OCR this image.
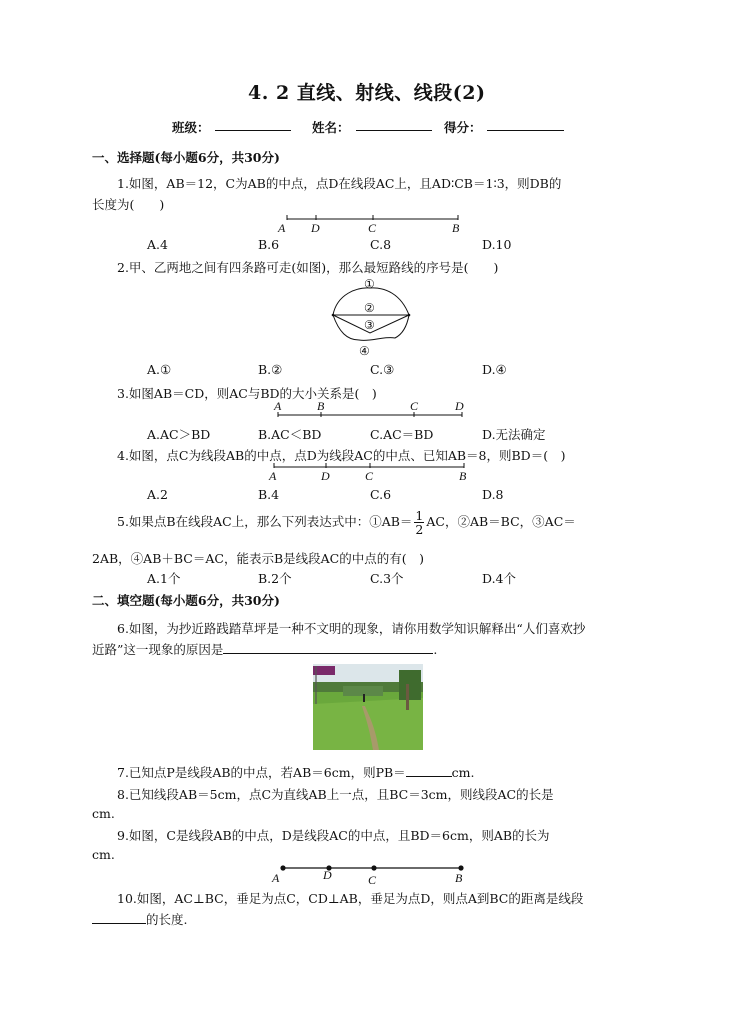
4. 2 直线、射线、线段(2)
班级：	姓名：	得分：
一、选择题(每小题6分，共30分)
1.如图，AB＝12，C为AB的中点，点D在线段AC上，且AD∶CB＝1∶3，则DB的
长度为(　　)
A D	C	B
A.4	B.6	C.8	D.10
2.甲、乙两地之间有四条路可走(如图)，那么最短路线的序号是(　　)
①
②
③
④
A.①	B.②	C.③	D.④
3.如图AB＝CD，则AC与BD的大小关系是(　)
A	B	C	D
A.AC＞BD	B.AC＜BD	C.AC＝BD	D.无法确定
4.如图，点C为线段AB的中点，点D为线段AC的中点、已知AB＝8，则BD＝(　)
A	D	C	B
A.2	B.4	C.6	D.8
5.如果点B在线段AC上，那么下列表达式中：①AB＝ $\frac{1}{2}$ AC，②AB＝BC，③AC＝
2AB，④AB＋BC＝AC，能表示B是线段AC的中点的有(　)
A.1个	B.2个	C.3个	D.4个
二、填空题(每小题6分，共30分)
6.如图，为抄近路践踏草坪是一种不文明的现象，请你用数学知识解释出“人们喜欢抄
近路”这一现象的原因是	.
7.已知点P是线段AB的中点，若AB＝6cm，则PB＝	cm.
8.已知线段AB＝5cm，点C为直线AB上一点，且BC＝3cm，则线段AC的长是
cm.
9.如图，C是线段AB的中点，D是线段AC的中点，且BD＝6cm，则AB的长为
cm.
A	D	C	B
10.如图，AC⊥BC，垂足为点C，CD⊥AB，垂足为点D，则点A到BC的距离是线段
的长度.
